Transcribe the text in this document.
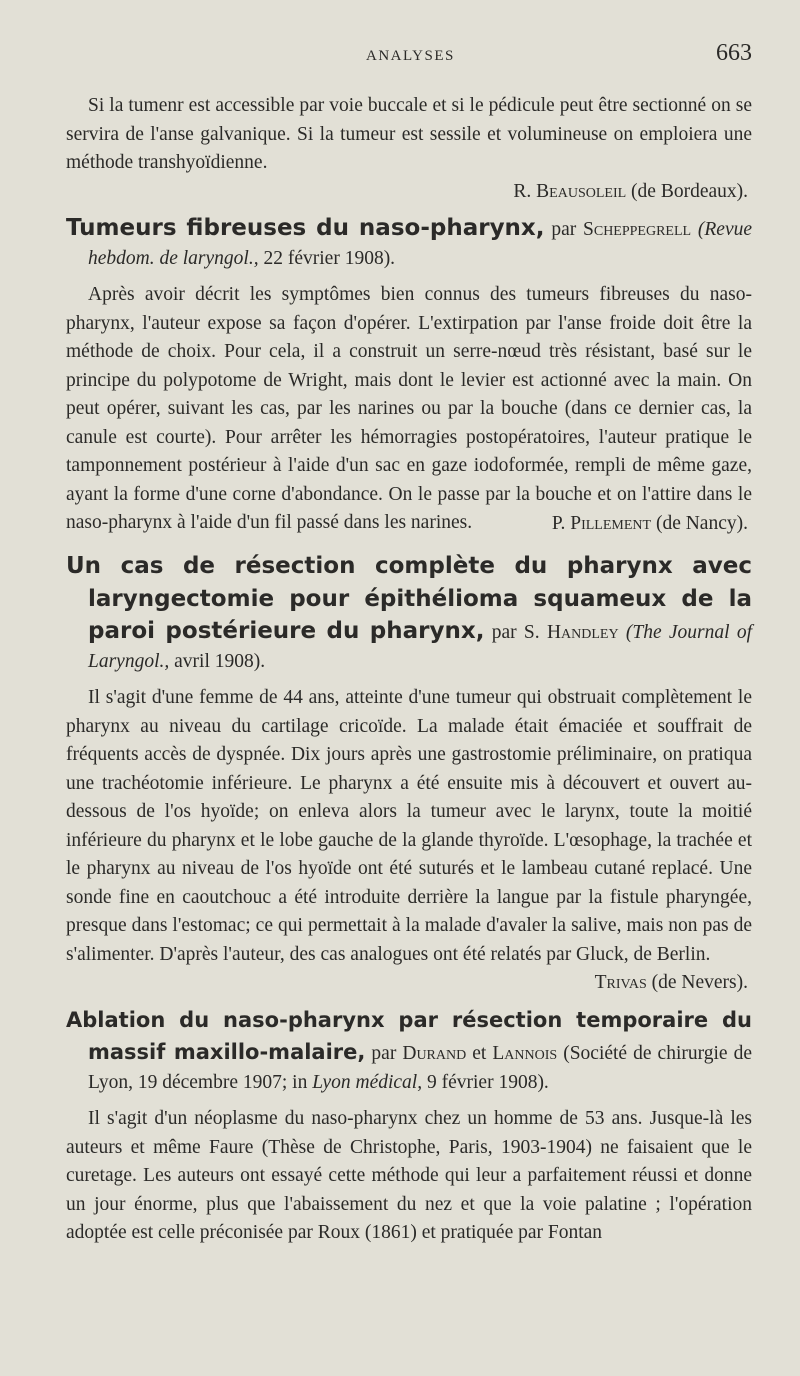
ANALYSES	663

Si la tumenr est accessible par voie buccale et si le pédicule peut être sectionné on se servira de l'anse galvanique. Si la tumeur est sessile et volumineuse on emploiera une méthode transhyoïdienne.

R. Beausoleil (de Bordeaux).

Tumeurs fibreuses du naso-pharynx, par Scheppegrell (Revue hebdom. de laryngol., 22 février 1908).

Après avoir décrit les symptômes bien connus des tumeurs fibreuses du naso-pharynx, l'auteur expose sa façon d'opérer. L'extirpation par l'anse froide doit être la méthode de choix. Pour cela, il a construit un serre-nœud très résistant, basé sur le principe du polypotome de Wright, mais dont le levier est actionné avec la main. On peut opérer, suivant les cas, par les narines ou par la bouche (dans ce dernier cas, la canule est courte). Pour arrêter les hémorragies postopératoires, l'auteur pratique le tamponnement postérieur à l'aide d'un sac en gaze iodoformée, rempli de même gaze, ayant la forme d'une corne d'abondance. On le passe par la bouche et on l'attire dans le naso-pharynx à l'aide d'un fil passé dans les narines.	P. Pillement (de Nancy).

Un cas de résection complète du pharynx avec laryngectomie pour épithélioma squameux de la paroi postérieure du pharynx, par S. Handley (The Journal of Laryngol., avril 1908).

Il s'agit d'une femme de 44 ans, atteinte d'une tumeur qui obstruait complètement le pharynx au niveau du cartilage cricoïde. La malade était émaciée et souffrait de fréquents accès de dyspnée. Dix jours après une gastrostomie préliminaire, on pratiqua une trachéotomie inférieure. Le pharynx a été ensuite mis à découvert et ouvert au-dessous de l'os hyoïde; on enleva alors la tumeur avec le larynx, toute la moitié inférieure du pharynx et le lobe gauche de la glande thyroïde. L'œsophage, la trachée et le pharynx au niveau de l'os hyoïde ont été suturés et le lambeau cutané replacé. Une sonde fine en caoutchouc a été introduite derrière la langue par la fistule pharyngée, presque dans l'estomac; ce qui permettait à la malade d'avaler la salive, mais non pas de s'alimenter. D'après l'auteur, des cas analogues ont été relatés par Gluck, de Berlin.

Trivas (de Nevers).

Ablation du naso-pharynx par résection temporaire du massif maxillo-malaire, par Durand et Lannois (Société de chirurgie de Lyon, 19 décembre 1907; in Lyon médical, 9 février 1908).

Il s'agit d'un néoplasme du naso-pharynx chez un homme de 53 ans. Jusque-là les auteurs et même Faure (Thèse de Christophe, Paris, 1903-1904) ne faisaient que le curetage. Les auteurs ont essayé cette méthode qui leur a parfaitement réussi et donne un jour énorme, plus que l'abaissement du nez et que la voie palatine ; l'opération adoptée est celle préconisée par Roux (1861) et pratiquée par Fontan
